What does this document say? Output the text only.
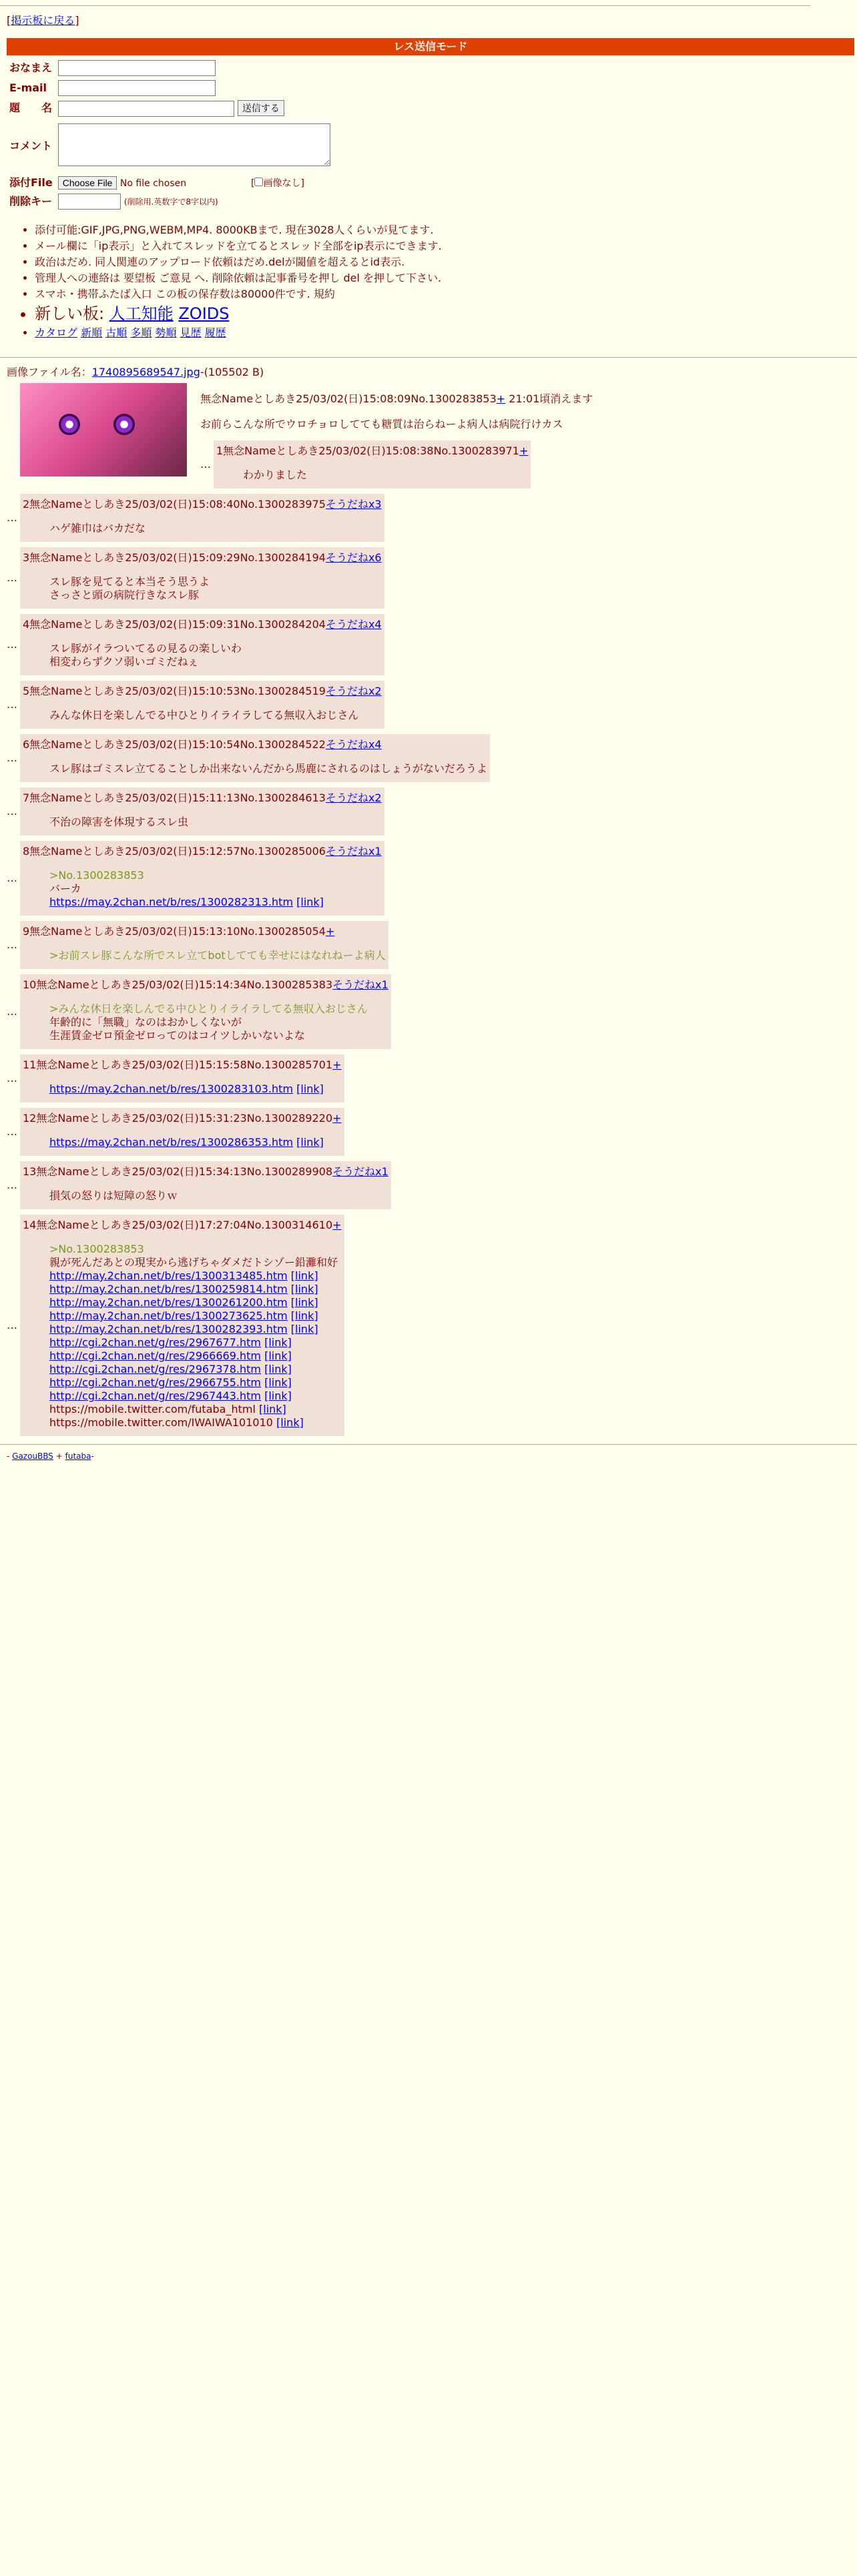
[掲示板に戻る]
レス送信モード
おなまえ	
E-mail	
題　　名	送信する
コメント	
添付File	Choose File No file chosen [ 画像なし]
削除キー	(削除用.英数字で8字以内)
• 添付可能:GIF,JPG,PNG,WEBM,MP4. 8000KBまで. 現在3028人くらいが見てます.
• メール欄に「ip表示」と入れてスレッドを立てるとスレッド全部をip表示にできます.
• 政治はだめ. 同人関連のアップロード依頼はだめ.delが閾値を超えるとid表示.
• 管理人への連絡は 要望板 ご意見 へ. 削除依頼は記事番号を押し del を押して下さい.
• スマホ・携帯ふたば入口 この板の保存数は80000件です. 規約
• 新しい板: 人工知能 ZOIDS
• カタログ 新順 古順 多順 勢順 見歴 履歴
画像ファイル名：1740895689547.jpg-(105502 B)
無念Nameとしあき25/03/02(日)15:08:09No.1300283853+ 21:01頃消えます
お前らこんな所でウロチョロしてても糖質は治らねーよ病人は病院行けカス
…
1無念Nameとしあき25/03/02(日)15:08:38No.1300283971+
わかりました
…
2無念Nameとしあき25/03/02(日)15:08:40No.1300283975そうだねx3
ハゲ雑巾はバカだな
…
3無念Nameとしあき25/03/02(日)15:09:29No.1300284194そうだねx6
スレ豚を見てると本当そう思うよ
さっさと頭の病院行きなスレ豚
…
4無念Nameとしあき25/03/02(日)15:09:31No.1300284204そうだねx4
スレ豚がイラついてるの見るの楽しいわ
相変わらずクソ弱いゴミだねぇ
…
5無念Nameとしあき25/03/02(日)15:10:53No.1300284519そうだねx2
みんな休日を楽しんでる中ひとりイライラしてる無収入おじさん
…
6無念Nameとしあき25/03/02(日)15:10:54No.1300284522そうだねx4
スレ豚はゴミスレ立てることしか出来ないんだから馬鹿にされるのはしょうがないだろうよ
…
7無念Nameとしあき25/03/02(日)15:11:13No.1300284613そうだねx2
不治の障害を体現するスレ虫
…
8無念Nameとしあき25/03/02(日)15:12:57No.1300285006そうだねx1
>No.1300283853
バーカ
https://may.2chan.net/b/res/1300282313.htm [link]
…
9無念Nameとしあき25/03/02(日)15:13:10No.1300285054+
>お前スレ豚こんな所でスレ立てbotしてても幸せにはなれねーよ病人
…
10無念Nameとしあき25/03/02(日)15:14:34No.1300285383そうだねx1
>みんな休日を楽しんでる中ひとりイライラしてる無収入おじさん
年齢的に「無職」なのはおかしくないが
生涯賃金ゼロ預金ゼロってのはコイツしかいないよな
…
11無念Nameとしあき25/03/02(日)15:15:58No.1300285701+
https://may.2chan.net/b/res/1300283103.htm [link]
…
12無念Nameとしあき25/03/02(日)15:31:23No.1300289220+
https://may.2chan.net/b/res/1300286353.htm [link]
…
13無念Nameとしあき25/03/02(日)15:34:13No.1300289908そうだねx1
損気の怒りは短障の怒りｗ
…
14無念Nameとしあき25/03/02(日)17:27:04No.1300314610+
>No.1300283853
親が死んだあとの現実から逃げちゃダメだトシゾー鉛灘和好
http://may.2chan.net/b/res/1300313485.htm [link]
http://may.2chan.net/b/res/1300259814.htm [link]
http://may.2chan.net/b/res/1300261200.htm [link]
http://may.2chan.net/b/res/1300273625.htm [link]
http://may.2chan.net/b/res/1300282393.htm [link]
http://cgi.2chan.net/g/res/2967677.htm [link]
http://cgi.2chan.net/g/res/2966669.htm [link]
http://cgi.2chan.net/g/res/2967378.htm [link]
http://cgi.2chan.net/g/res/2966755.htm [link]
http://cgi.2chan.net/g/res/2967443.htm [link]
https://mobile.twitter.com/futaba_html [link]
https://mobile.twitter.com/IWAIWA101010 [link]
- GazouBBS + futaba-
